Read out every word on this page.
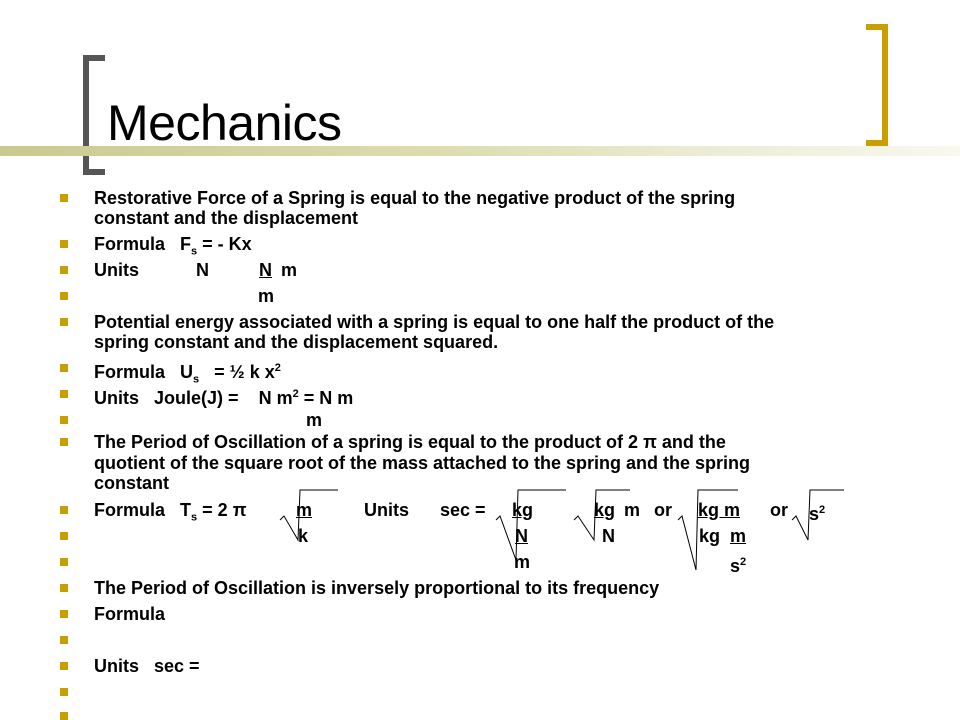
Mechanics
Restorative Force of a Spring is equal to the negative product of the spring
constant and the displacement
Formula $F_s$ = - Kx
Units	N	N m
m
Potential energy associated with a spring is equal to one half the product of the
spring constant and the displacement squared.
Formula $U_s$ = ½ k $x^2$
Units Joule(J) = N $m^2 = N$ m
m
The Period of Oscillation of a spring is equal to the product of 2 π and the
quotient of the square root of the mass attached to the spring and the spring
constant
Formula $T_s = 2$ π	m	Units sec = kg	kg m or kg m or $s^2$
k	N	N	kg m
m	$s^2$
The Period of Oscillation is inversely proportional to its frequency
Formula
Units sec =
